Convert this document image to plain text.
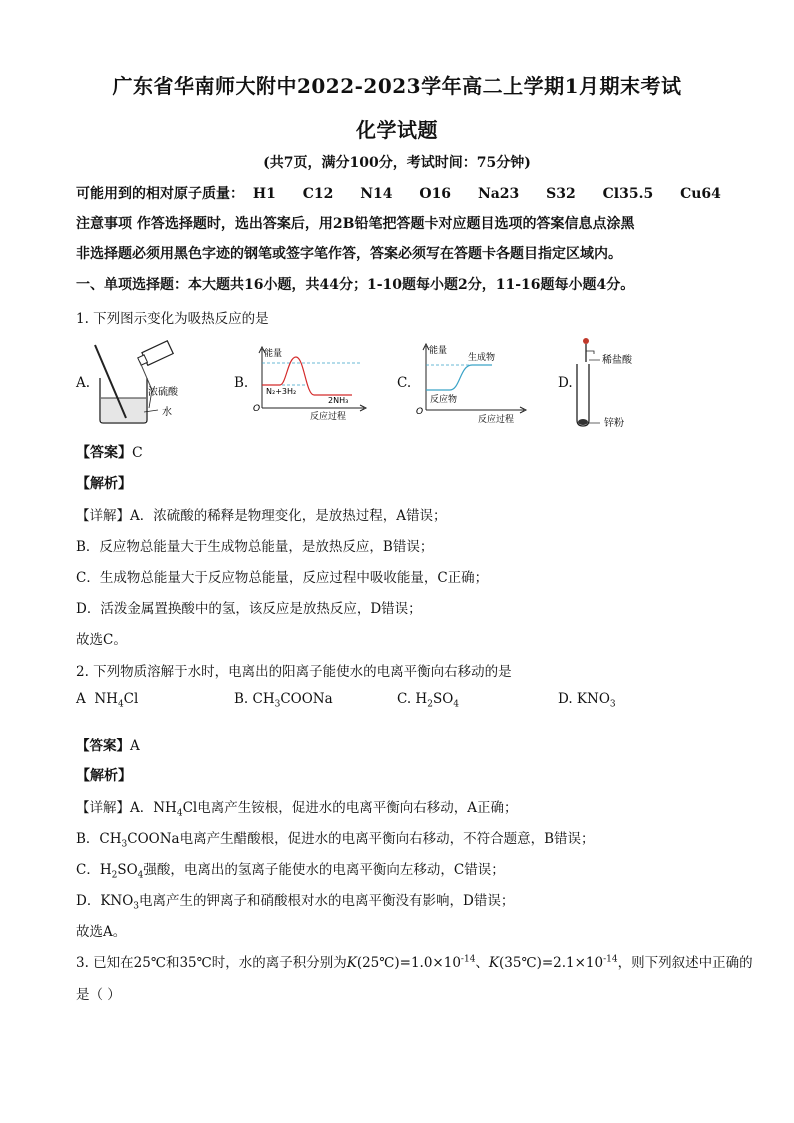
广东省华南师大附中2022-2023学年高二上学期1月期末考试
化学试题
(共7页，满分100分，考试时间：75分钟)
可能用到的相对原子质量： H1 C12 N14 O16 Na23 S32 Cl35.5 Cu64
注意事项 作答选择题时，选出答案后，用2B铅笔把答题卡对应题目选项的答案信息点涂黑
非选择题必须用黑色字迹的钢笔或签字笔作答，答案必须写在答题卡各题目指定区域内。
一、单项选择题：本大题共16小题，共44分；1-10题每小题2分，11-16题每小题4分。
1. 下列图示变化为吸热反应的是
A.
浓硫酸
水
B.
能量
O
N₂+3H₂
2NH₃
反应过程
C.
能量
O
生成物
反应物
反应过程
D.
稀盐酸
锌粉
【答案】C
【解析】
【详解】A．浓硫酸的稀释是物理变化，是放热过程，A错误；
B．反应物总能量大于生成物总能量，是放热反应，B错误；
C．生成物总能量大于反应物总能量，反应过程中吸收能量，C正确；
D．活泼金属置换酸中的氢，该反应是放热反应，D错误；
故选C。
2. 下列物质溶解于水时，电离出的阳离子能使水的电离平衡向右移动的是
A $NH_4Cl$	B. $CH_3COONa$	C. $H_2SO_4$	D. $KNO_3$
【答案】A
【解析】
【详解】A．$NH_4Cl$电离产生铵根，促进水的电离平衡向右移动，A正确；
B．$CH_3COONa$电离产生醋酸根，促进水的电离平衡向右移动，不符合题意，B错误；
C．$H_2SO_4$强酸，电离出的氢离子能使水的电离平衡向左移动，C错误；
D．$KNO_3$电离产生的钾离子和硝酸根对水的电离平衡没有影响，D错误；
故选A。
3. 已知在25℃和35℃时，水的离子积分别为$K(25℃)=1.0\times 10^{-14}$、$K(35℃)=2.1\times 10^{-14}$，则下列叙述中正确的
是（ ）
